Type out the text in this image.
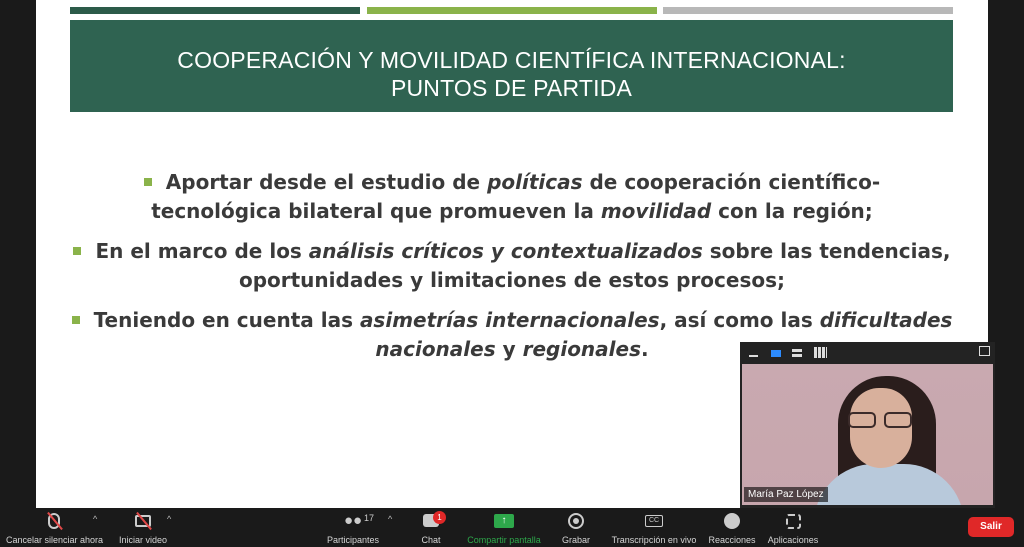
COOPERACIÓN Y MOVILIDAD CIENTÍFICA INTERNACIONAL:
PUNTOS DE PARTIDA
Aportar desde el estudio de políticas de cooperación científico-
tecnológica bilateral que promueven la movilidad con la región;
En el marco de los análisis críticos y contextualizados sobre las tendencias,
oportunidades y limitaciones de estos procesos;
Teniendo en cuenta las asimetrías internacionales, así como las dificultades
nacionales y regionales.
María Paz López
Cancelar silenciar ahora
^
Iniciar video
^	●● 17
Participantes
^	1
Chat
↑
Compartir pantalla	Grabar
CC
Transcripción en vivo Reacciones	Aplicaciones
Salir
